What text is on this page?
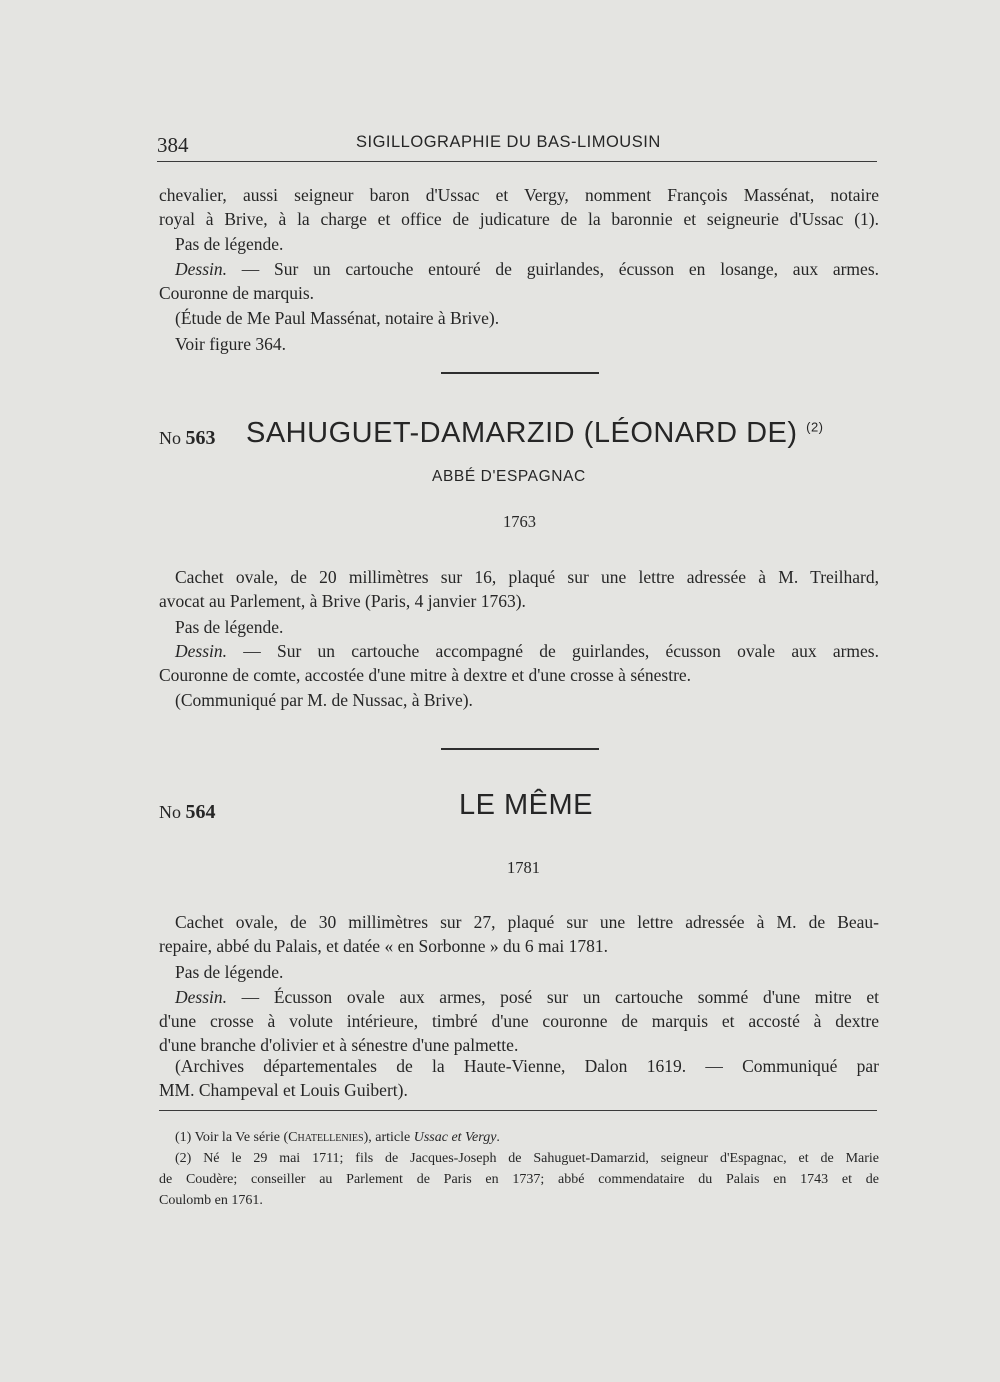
384	SIGILLOGRAPHIE DU BAS-LIMOUSIN
chevalier, aussi seigneur baron d'Ussac et Vergy, nomment François Massénat, notaire
royal à Brive, à la charge et office de judicature de la baronnie et seigneurie d'Ussac (1).
Pas de légende.
Dessin. — Sur un cartouche entouré de guirlandes, écusson en losange, aux armes.
Couronne de marquis.
(Étude de Me Paul Massénat, notaire à Brive).
Voir figure 364.
No 563 SAHUGUET-DAMARZID (LÉONARD DE) $^{(2)}$
ABBÉ D'ESPAGNAC
1763
Cachet ovale, de 20 millimètres sur 16, plaqué sur une lettre adressée à M. Treilhard,
avocat au Parlement, à Brive (Paris, 4 janvier 1763).
Pas de légende.
Dessin. — Sur un cartouche accompagné de guirlandes, écusson ovale aux armes.
Couronne de comte, accostée d'une mitre à dextre et d'une crosse à sénestre.
(Communiqué par M. de Nussac, à Brive).
No 564	LE MÊME
1781
Cachet ovale, de 30 millimètres sur 27, plaqué sur une lettre adressée à M. de Beau-
repaire, abbé du Palais, et datée « en Sorbonne » du 6 mai 1781.
Pas de légende.
Dessin. — Écusson ovale aux armes, posé sur un cartouche sommé d'une mitre et
d'une crosse à volute intérieure, timbré d'une couronne de marquis et accosté à dextre
d'une branche d'olivier et à sénestre d'une palmette.
(Archives départementales de la Haute-Vienne, Dalon 1619. — Communiqué par
MM. Champeval et Louis Guibert).
(1) Voir la Ve série (Chatellenies), article Ussac et Vergy.
(2) Né le 29 mai 1711; fils de Jacques-Joseph de Sahuguet-Damarzid, seigneur d'Espagnac, et de Marie
de Coudère; conseiller au Parlement de Paris en 1737; abbé commendataire du Palais en 1743 et de
Coulomb en 1761.
